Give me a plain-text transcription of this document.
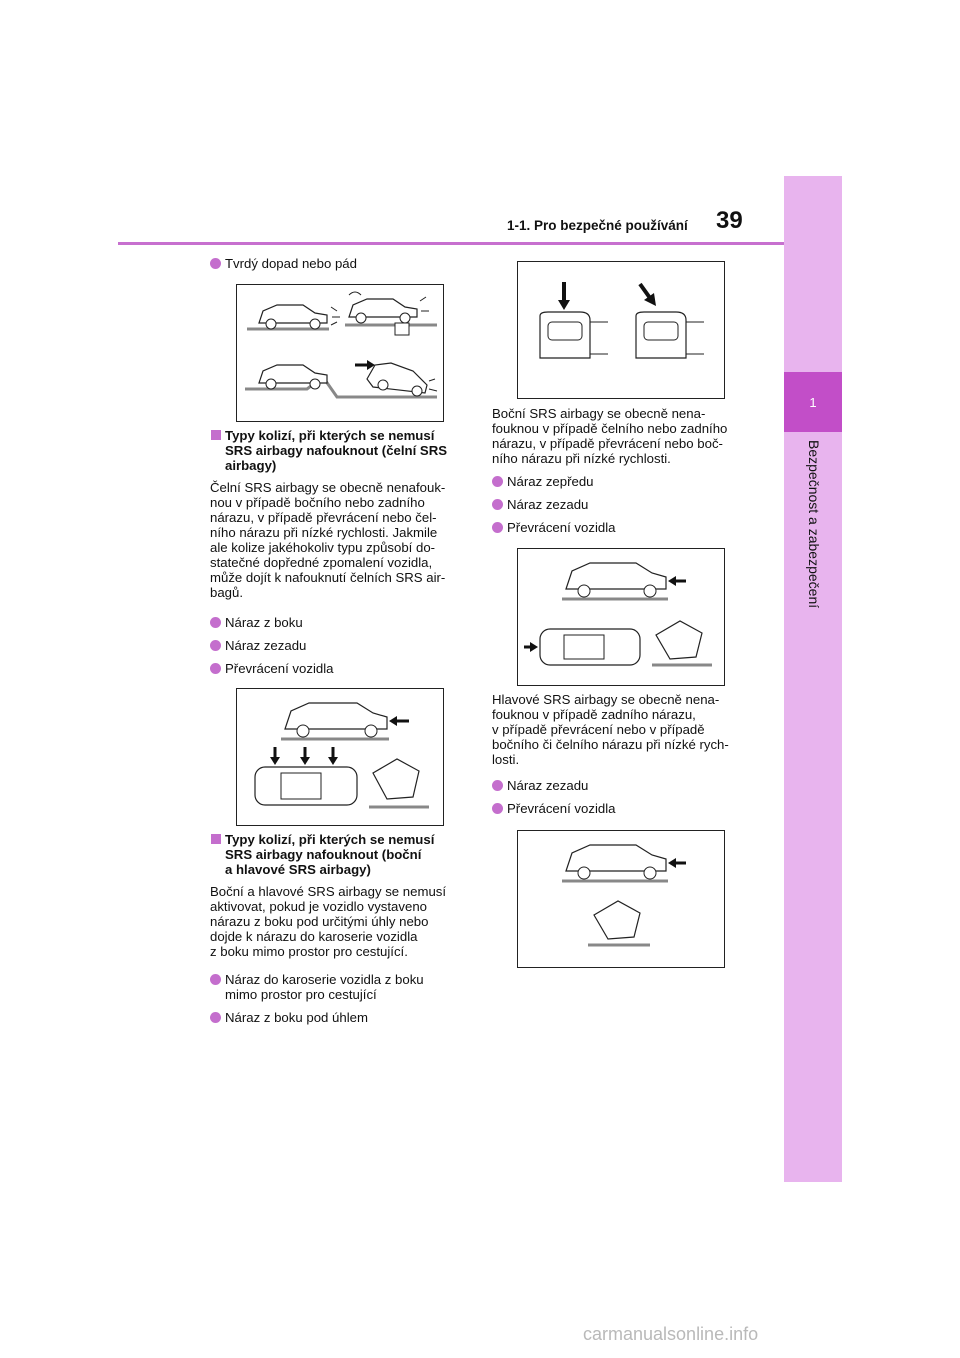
1
Bezpečnost a zabezpečení
1-1. Pro bezpečné používání 39

Tvrdý dopad nebo pád

Typy kolizí, při kterých se nemusí
SRS airbagy nafouknout (čelní SRS
airbagy)

Čelní SRS airbagy se obecně nenafouk-

nou v případě bočního nebo zadního

nárazu, v případě převrácení nebo čel-

ního nárazu při nízké rychlosti. Jakmile

ale kolize jakéhokoliv typu způsobí do-

statečné dopředné zpomalení vozidla,

může dojít k nafouknutí čelních SRS air-

bagů.

Náraz z boku

Náraz zezadu

Převrácení vozidla

Typy kolizí, při kterých se nemusí
SRS airbagy nafouknout (boční
a hlavové SRS airbagy)

Boční a hlavové SRS airbagy se nemusí

aktivovat, pokud je vozidlo vystaveno

nárazu z boku pod určitými úhly nebo

dojde k nárazu do karoserie vozidla

z boku mimo prostor pro cestující.

Náraz do karoserie vozidla z boku
mimo prostor pro cestující

Náraz z boku pod úhlem

Boční SRS airbagy se obecně nena-

fouknou v případě čelního nebo zadního

nárazu, v případě převrácení nebo boč-

ního nárazu při nízké rychlosti.

Náraz zepředu

Náraz zezadu

Převrácení vozidla

Hlavové SRS airbagy se obecně nena-

fouknou v případě zadního nárazu,

v případě převrácení nebo v případě

bočního či čelního nárazu při nízké rych-

losti.

Náraz zezadu

Převrácení vozidla

carmanualsonline.info
